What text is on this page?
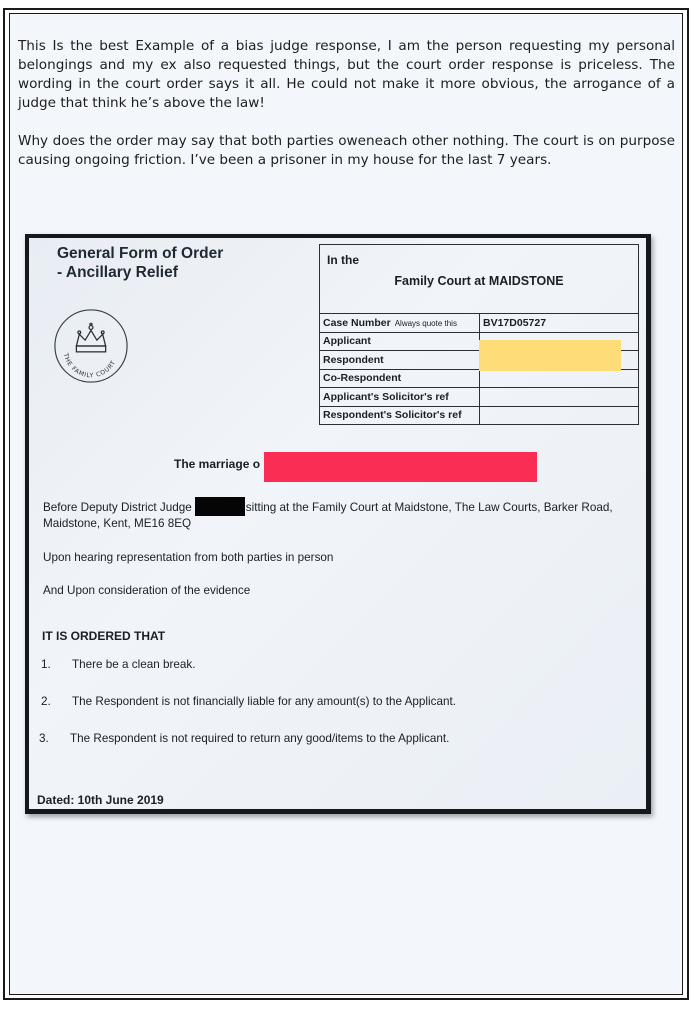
This Is the best Example of a bias judge response, I am the person requesting my personal belongings and my ex also requested things, but the court order response is priceless. The wording in the court order says it all. He could not make it more obvious, the arrogance of a judge that think he’s above the law!

Why does the order may say that both parties oweneach other nothing. The court is on purpose causing ongoing friction. I’ve been a prisoner in my house for the last 7 years.

General Form of Order
- Ancillary Relief
In the
Family Court at MAIDSTONE
Case Number Always quote this	BV17D05727
Applicant	
Respondent	
Co-Respondent	
Applicant's Solicitor's ref	
Respondent's Solicitor's ref	
THE FAMILY COURT
The marriage o
Before Deputy District Judge	sitting at the Family Court at Maidstone, The Law Courts, Barker Road, Maidstone, Kent, ME16 8EQ
Upon hearing representation from both parties in person
And Upon consideration of the evidence
IT IS ORDERED THAT
1. There be a clean break.
2. The Respondent is not financially liable for any amount(s) to the Applicant.
3. The Respondent is not required to return any good/items to the Applicant.
Dated: 10th June 2019
